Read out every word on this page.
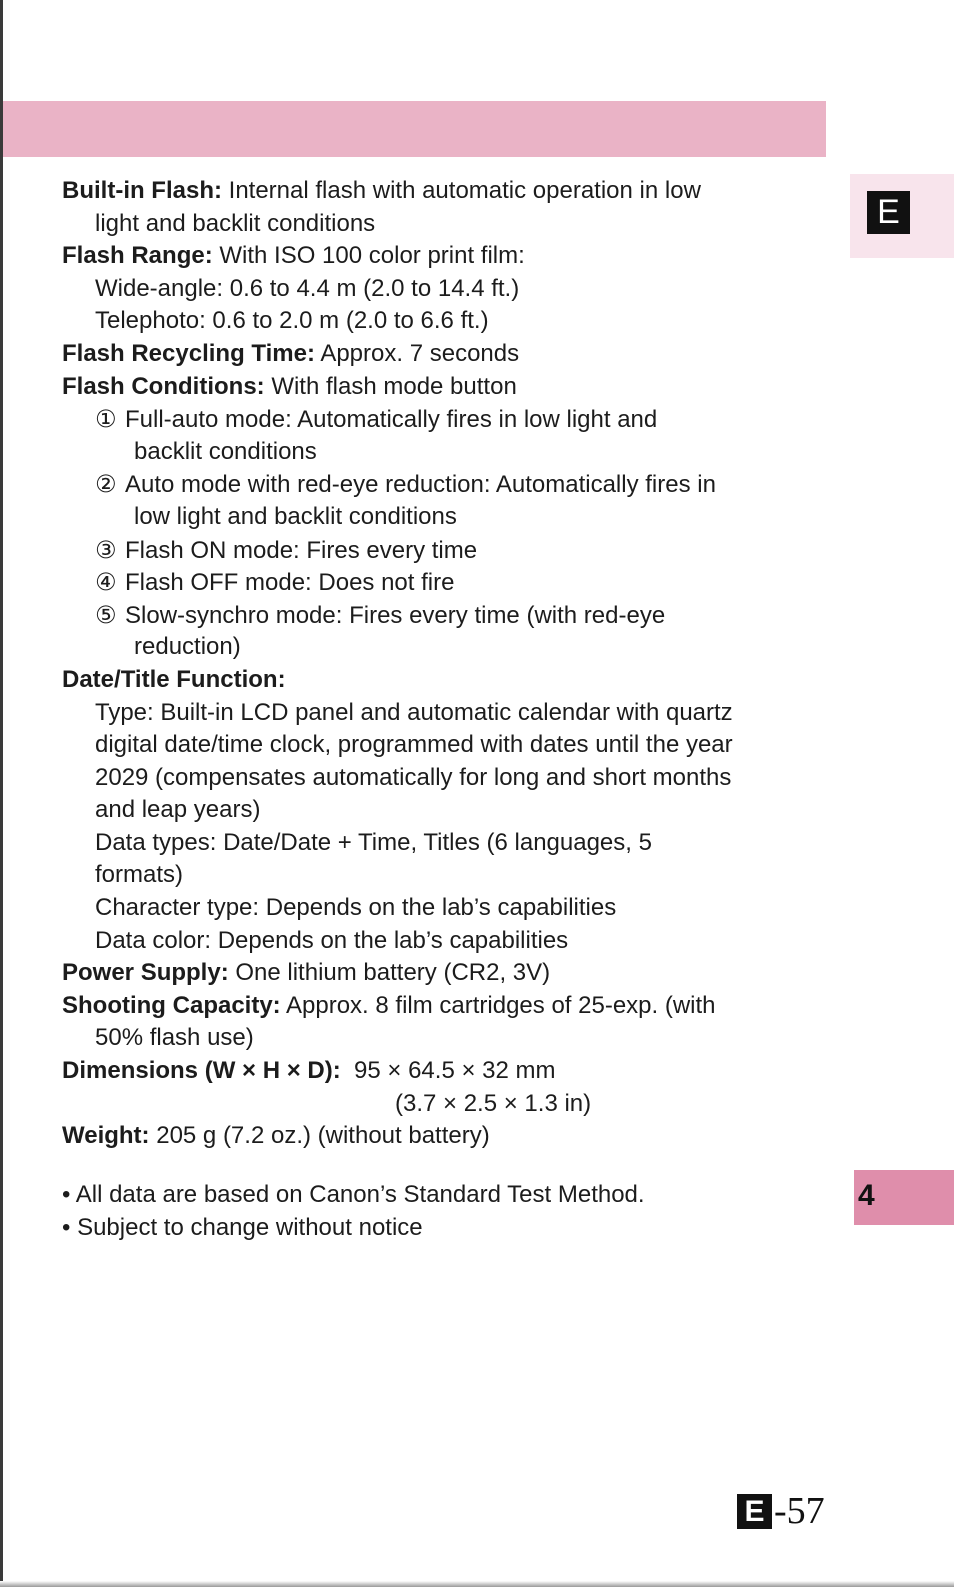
E
4
Built-in Flash: Internal flash with automatic operation in low
light and backlit conditions
Flash Range: With ISO 100 color print film:
Wide-angle: 0.6 to 4.4 m (2.0 to 14.4 ft.)
Telephoto: 0.6 to 2.0 m (2.0 to 6.6 ft.)
Flash Recycling Time: Approx. 7 seconds
Flash Conditions: With flash mode button
① Full-auto mode: Automatically fires in low light and
backlit conditions
② Auto mode with red-eye reduction: Automatically fires in
low light and backlit conditions
③ Flash ON mode: Fires every time
④ Flash OFF mode: Does not fire
⑤ Slow-synchro mode: Fires every time (with red-eye
reduction)
Date/Title Function:
Type: Built-in LCD panel and automatic calendar with quartz
digital date/time clock, programmed with dates until the year
2029 (compensates automatically for long and short months
and leap years)
Data types: Date/Date + Time, Titles (6 languages, 5
formats)
Character type: Depends on the lab’s capabilities
Data color: Depends on the lab’s capabilities
Power Supply: One lithium battery (CR2, 3V)
Shooting Capacity: Approx. 8 film cartridges of 25-exp. (with
50% flash use)
Dimensions (W × H × D):  95 × 64.5 × 32 mm
(3.7 × 2.5 × 1.3 in)
Weight: 205 g (7.2 oz.) (without battery)
• All data are based on Canon’s Standard Test Method.
• Subject to change without notice
E -57
